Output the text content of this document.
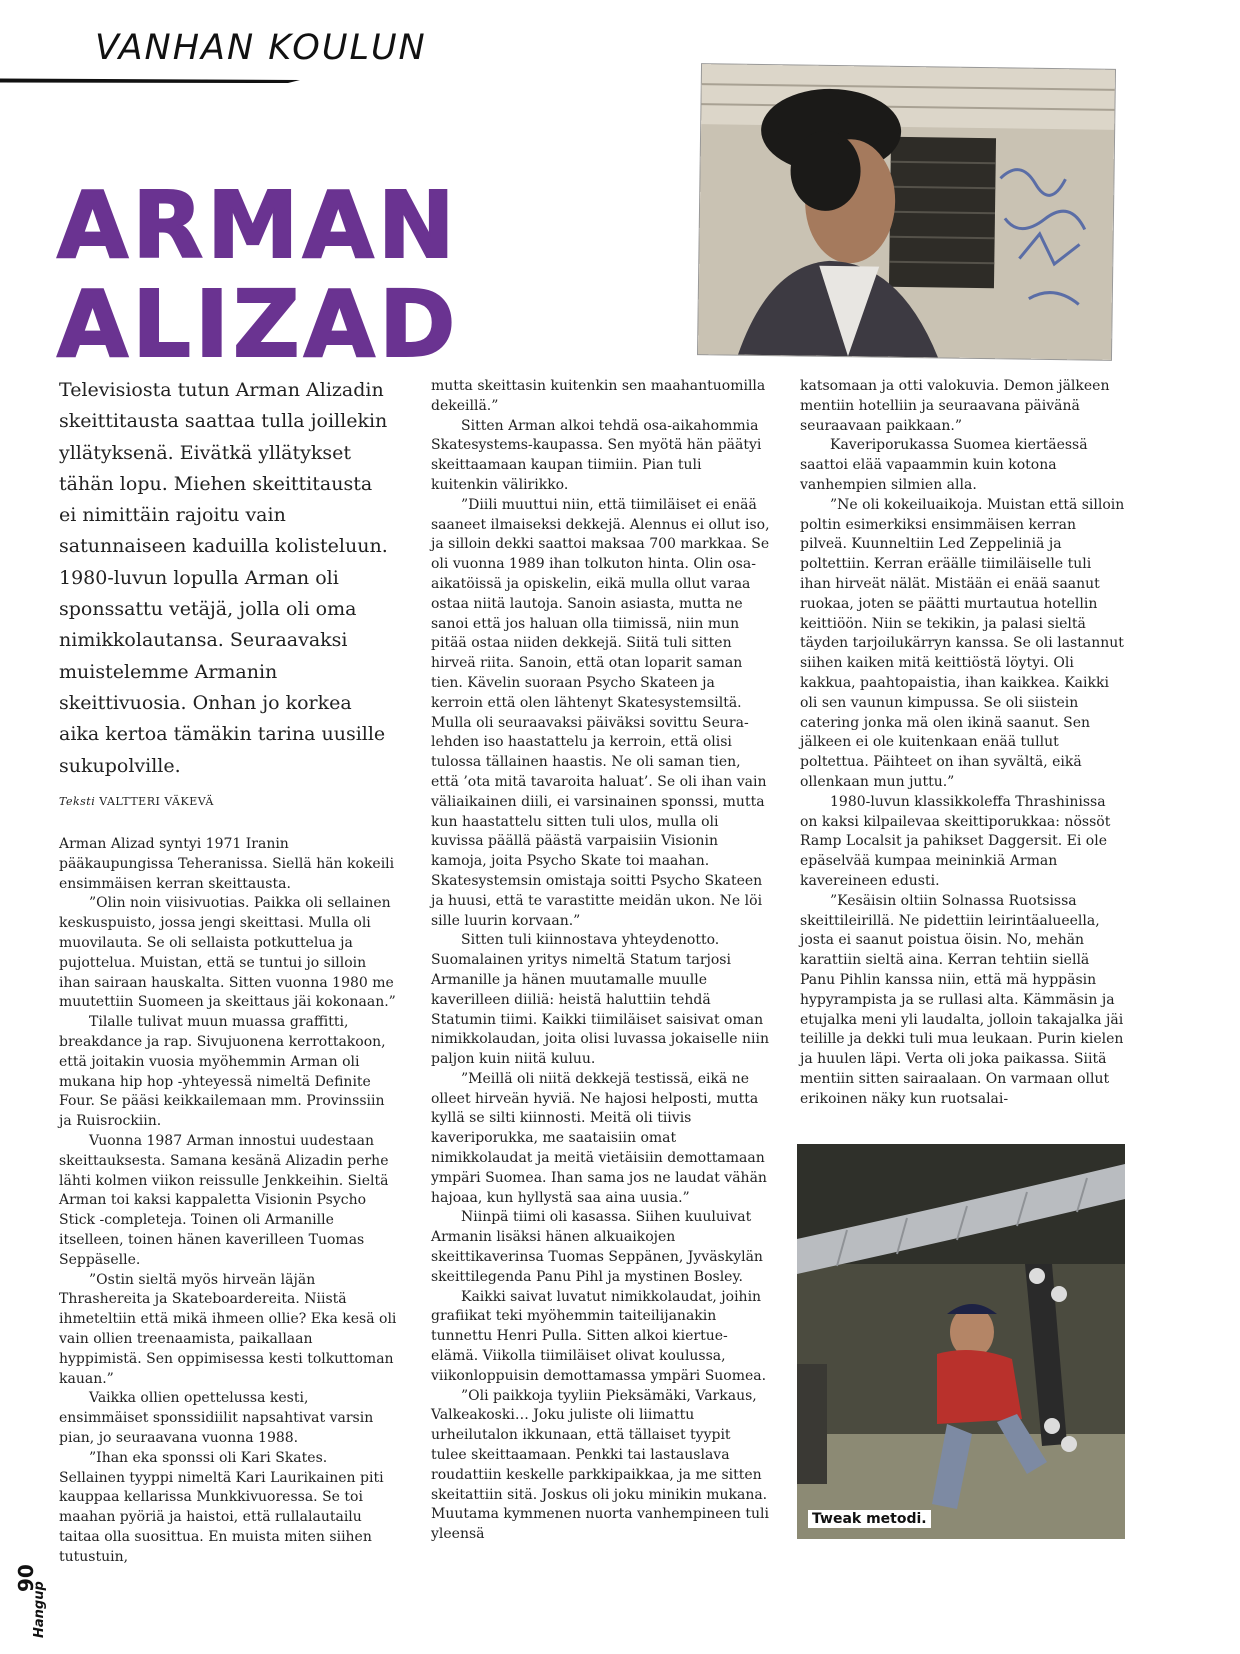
VANHAN KOULUN
ARMAN
ALIZAD
Televisiosta tutun Arman Alizadin skeittitausta saattaa tulla joillekin yllätyksenä. Eivätkä yllätykset tähän lopu. Miehen skeittitausta ei nimittäin rajoitu vain satunnaiseen kaduilla kolisteluun. 1980-luvun lopulla Arman oli sponssattu vetäjä, jolla oli oma nimikkolautansa. Seuraavaksi muistelemme Armanin skeittivuosia. Onhan jo korkea aika kertoa tämäkin tarina uusille sukupolville.
Teksti VALTTERI VÄKEVÄ

Arman Alizad syntyi 1971 Iranin pääkaupungissa Teheranissa. Siellä hän kokeili ensimmäisen kerran skeittausta.

”Olin noin viisivuotias. Paikka oli sellainen keskuspuisto, jossa jengi skeittasi. Mulla oli muovilauta. Se oli sellaista potkuttelua ja pujottelua. Muistan, että se tuntui jo silloin ihan sairaan hauskalta. Sitten vuonna 1980 me muutettiin Suomeen ja skeittaus jäi kokonaan.”

Tilalle tulivat muun muassa graffitti, breakdance ja rap. Sivujuonena kerrottakoon, että joitakin vuosia myöhemmin Arman oli mukana hip hop -yhteyessä nimeltä Definite Four. Se pääsi keikkailemaan mm. Provinssiin ja Ruisrockiin.

Vuonna 1987 Arman innostui uudestaan skeittauksesta. Samana kesänä Alizadin perhe lähti kolmen viikon reissulle Jenkkeihin. Sieltä Arman toi kaksi kappaletta Visionin Psycho Stick -completeja. Toinen oli Armanille itselleen, toinen hänen kaverilleen Tuomas Seppäselle.

”Ostin sieltä myös hirveän läjän Thrashereita ja Skateboardereita. Niistä ihmeteltiin että mikä ihmeen ollie? Eka kesä oli vain ollien treenaamista, paikallaan hyppimistä. Sen oppimisessa kesti tolkuttoman kauan.”

Vaikka ollien opettelussa kesti, ensimmäiset sponssidiilit napsahtivat varsin pian, jo seuraavana vuonna 1988.

”Ihan eka sponssi oli Kari Skates. Sellainen tyyppi nimeltä Kari Laurikainen piti kauppaa kellarissa Munkkivuoressa. Se toi maahan pyöriä ja haistoi, että rullalautailu taitaa olla suosittua. En muista miten siihen tutustuin,

mutta skeittasin kuitenkin sen maahantuomilla dekeillä.”

Sitten Arman alkoi tehdä osa-aikahommia Skatesystems-kaupassa. Sen myötä hän päätyi skeittaamaan kaupan tiimiin. Pian tuli kuitenkin välirikko.

”Diili muuttui niin, että tiimiläiset ei enää saaneet ilmaiseksi dekkejä. Alennus ei ollut iso, ja silloin dekki saattoi maksaa 700 markkaa. Se oli vuonna 1989 ihan tolkuton hinta. Olin osa-aikatöissä ja opiskelin, eikä mulla ollut varaa ostaa niitä lautoja. Sanoin asiasta, mutta ne sanoi että jos haluan olla tiimissä, niin mun pitää ostaa niiden dekkejä. Siitä tuli sitten hirveä riita. Sanoin, että otan loparit saman tien. Kävelin suoraan Psycho Skateen ja kerroin että olen lähtenyt Skatesystemsiltä. Mulla oli seuraavaksi päiväksi sovittu Seura-lehden iso haastattelu ja kerroin, että olisi tulossa tällainen haastis. Ne oli saman tien, että ’ota mitä tavaroita haluat’. Se oli ihan vain väliaikainen diili, ei varsinainen sponssi, mutta kun haastattelu sitten tuli ulos, mulla oli kuvissa päällä päästä varpaisiin Visionin kamoja, joita Psycho Skate toi maahan. Skatesystemsin omistaja soitti Psycho Skateen ja huusi, että te varastitte meidän ukon. Ne löi sille luurin korvaan.”

Sitten tuli kiinnostava yhteydenotto. Suomalainen yritys nimeltä Statum tarjosi Armanille ja hänen muutamalle muulle kaverilleen diiliä: heistä haluttiin tehdä Statumin tiimi. Kaikki tiimiläiset saisivat oman nimikkolaudan, joita olisi luvassa jokaiselle niin paljon kuin niitä kuluu.

”Meillä oli niitä dekkejä testissä, eikä ne olleet hirveän hyviä. Ne hajosi helposti, mutta kyllä se silti kiinnosti. Meitä oli tiivis kaveriporukka, me saataisiin omat nimikkolaudat ja meitä vietäisiin demottamaan ympäri Suomea. Ihan sama jos ne laudat vähän hajoaa, kun hyllystä saa aina uusia.”

Niinpä tiimi oli kasassa. Siihen kuuluivat Armanin lisäksi hänen alkuaikojen skeittikaverinsa Tuomas Seppänen, Jyväskylän skeittilegenda Panu Pihl ja mystinen Bosley.

Kaikki saivat luvatut nimikkolaudat, joihin grafiikat teki myöhemmin taiteilijanakin tunnettu Henri Pulla. Sitten alkoi kiertue-elämä. Viikolla tiimiläiset olivat koulussa, viikonloppuisin demottamassa ympäri Suomea.

”Oli paikkoja tyyliin Pieksämäki, Varkaus, Valkeakoski… Joku juliste oli liimattu urheilutalon ikkunaan, että tällaiset tyypit tulee skeittaamaan. Penkki tai lastauslava roudattiin keskelle parkkipaikkaa, ja me sitten skeitattiin sitä. Joskus oli joku minikin mukana. Muutama kymmenen nuorta vanhempineen tuli yleensä

katsomaan ja otti valokuvia. Demon jälkeen mentiin hotelliin ja seuraavana päivänä seuraavaan paikkaan.”

Kaveriporukassa Suomea kiertäessä saattoi elää vapaammin kuin kotona vanhempien silmien alla.

”Ne oli kokeiluaikoja. Muistan että silloin poltin esimerkiksi ensimmäisen kerran pilveä. Kuunneltiin Led Zeppeliniä ja poltettiin. Kerran eräälle tiimiläiselle tuli ihan hirveät nälät. Mistään ei enää saanut ruokaa, joten se päätti murtautua hotellin keittiöön. Niin se tekikin, ja palasi sieltä täyden tarjoilukärryn kanssa. Se oli lastannut siihen kaiken mitä keittiöstä löytyi. Oli kakkua, paahtopaistia, ihan kaikkea. Kaikki oli sen vaunun kimpussa. Se oli siistein catering jonka mä olen ikinä saanut. Sen jälkeen ei ole kuitenkaan enää tullut poltettua. Päihteet on ihan syvältä, eikä ollenkaan mun juttu.”

1980-luvun klassikkoleffa Thrashinissa on kaksi kilpailevaa skeittiporukkaa: nössöt Ramp Localsit ja pahikset Daggersit. Ei ole epäselvää kumpaa meininkiä Arman kavereineen edusti.

”Kesäisin oltiin Solnassa Ruotsissa skeittileirillä. Ne pidettiin leirintäalueella, josta ei saanut poistua öisin. No, mehän karattiin sieltä aina. Kerran tehtiin siellä Panu Pihlin kanssa niin, että mä hyppäsin hypyrampista ja se rullasi alta. Kämmäsin ja etujalka meni yli laudalta, jolloin takajalka jäi teilille ja dekki tuli mua leukaan. Purin kielen ja huulen läpi. Verta oli joka paikassa. Siitä mentiin sitten sairaalaan. On varmaan ollut erikoinen näky kun ruotsalai-

Tweak metodi.
90
Hangup
